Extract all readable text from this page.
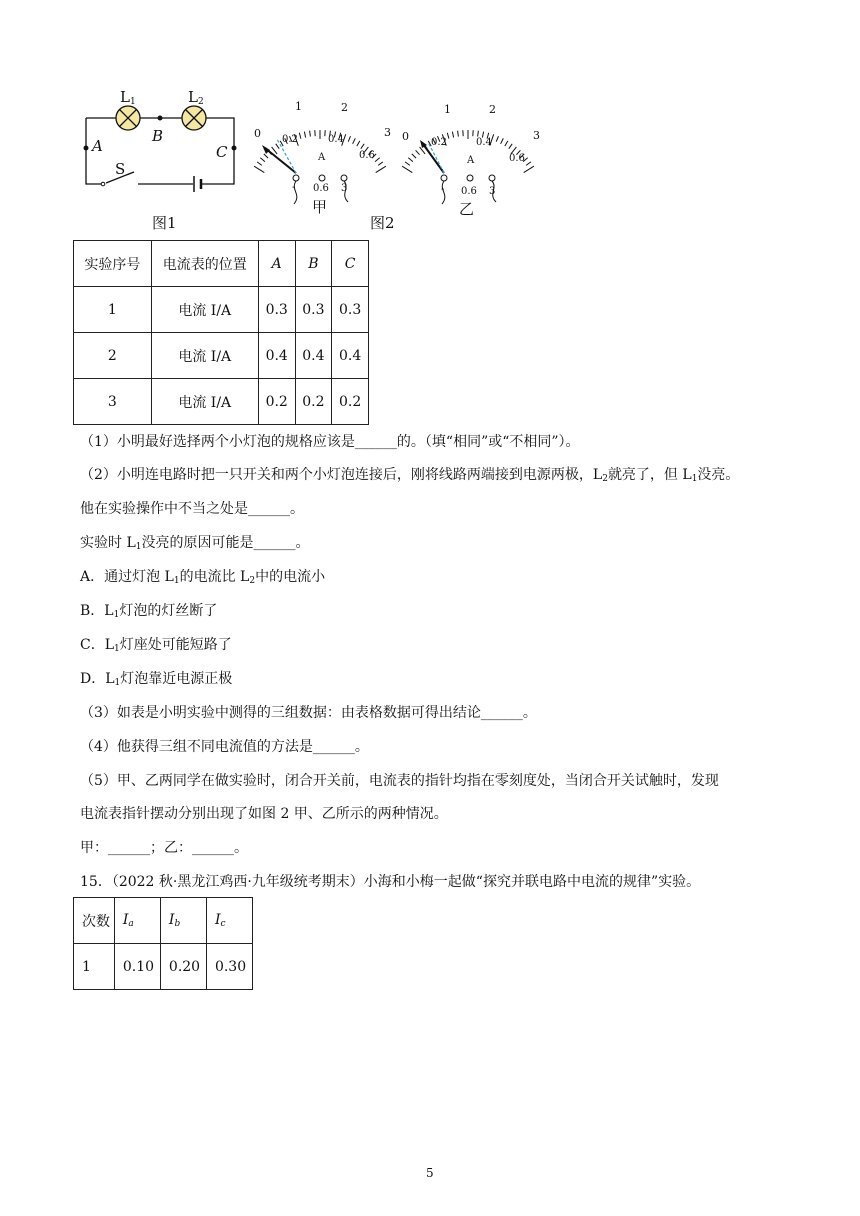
$L_1$	$L_2$
A
B
C
S
图1
0
1	2
3
0.2	0.4
0.6
A
- 0.6 3
甲
0
1	2
3
0.2	0.4
0.6
A
- 0.6 3
乙
图2
实验序号	电流表的位置	A	B	C
1	电流 I/A	0.3	0.3	0.3
2	电流 I/A	0.4	0.4	0.4
3	电流 I/A	0.2	0.2	0.2
（1）小明最好选择两个小灯泡的规格应该是______的。（填“相同”或“不相同”）。
（2）小明连电路时把一只开关和两个小灯泡连接后，刚将线路两端接到电源两极，$L_2$就亮了，但 $L_1$没亮。
他在实验操作中不当之处是______。
实验时 $L_1$没亮的原因可能是______。
A．通过灯泡 $L_1$的电流比 $L_2$中的电流小
B．$L_1$灯泡的灯丝断了
C．$L_1$灯座处可能短路了
D．$L_1$灯泡靠近电源正极
（3）如表是小明实验中测得的三组数据：由表格数据可得出结论______。
（4）他获得三组不同电流值的方法是______。
（5）甲、乙两同学在做实验时，闭合开关前，电流表的指针均指在零刻度处，当闭合开关试触时，发现
电流表指针摆动分别出现了如图 2 甲、乙所示的两种情况。
甲：______；乙：______。
15．（2022 秋·黑龙江鸡西·九年级统考期末）小海和小梅一起做“探究并联电路中电流的规律”实验。
次数	$I_a$	$I_b$	$I_c$
1	0.10	0.20	0.30
5
